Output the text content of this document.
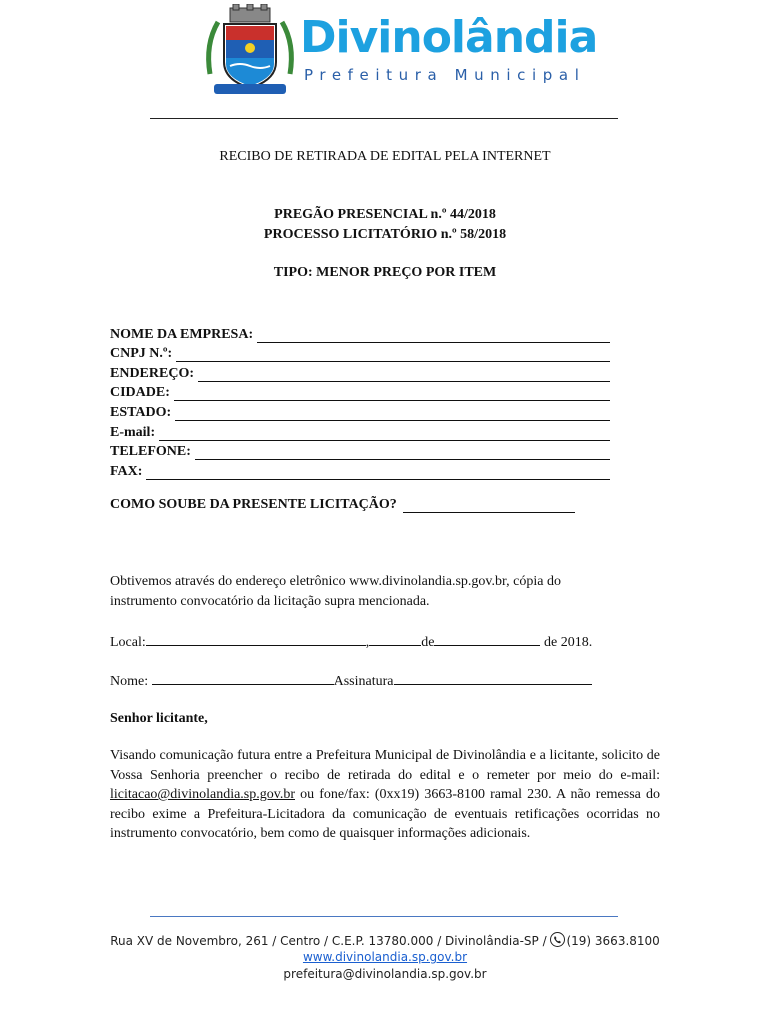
Divinolândia
Prefeitura Municipal
RECIBO DE RETIRADA DE EDITAL PELA INTERNET
PREGÃO PRESENCIAL n.º 44/2018
PROCESSO LICITATÓRIO n.º 58/2018
TIPO: MENOR PREÇO POR ITEM
NOME DA EMPRESA:
CNPJ N.º:
ENDEREÇO:
CIDADE:
ESTADO:
E-mail:
TELEFONE:
FAX:
COMO SOUBE DA PRESENTE LICITAÇÃO?
Obtivemos através do endereço eletrônico www.divinolandia.sp.gov.br, cópia do
instrumento convocatório da licitação supra mencionada.
Local:	,	de	de 2018.
Nome:	Assinatura
Senhor licitante,
Visando comunicação futura entre a Prefeitura Municipal de Divinolândia e a licitante, solicito de Vossa Senhoria preencher o recibo de retirada do edital e o remeter por meio do e-mail: licitacao@divinolandia.sp.gov.br ou fone/fax: (0xx19) 3663-8100 ramal 230. A não remessa do recibo exime a Prefeitura-Licitadora da comunicação de eventuais retificações ocorridas no instrumento convocatório, bem como de quaisquer informações adicionais.
Rua XV de Novembro, 261 / Centro / C.E.P. 13780.000 / Divinolândia-SP /
(19) 3663.8100
www.divinolandia.sp.gov.br
prefeitura@divinolandia.sp.gov.br
